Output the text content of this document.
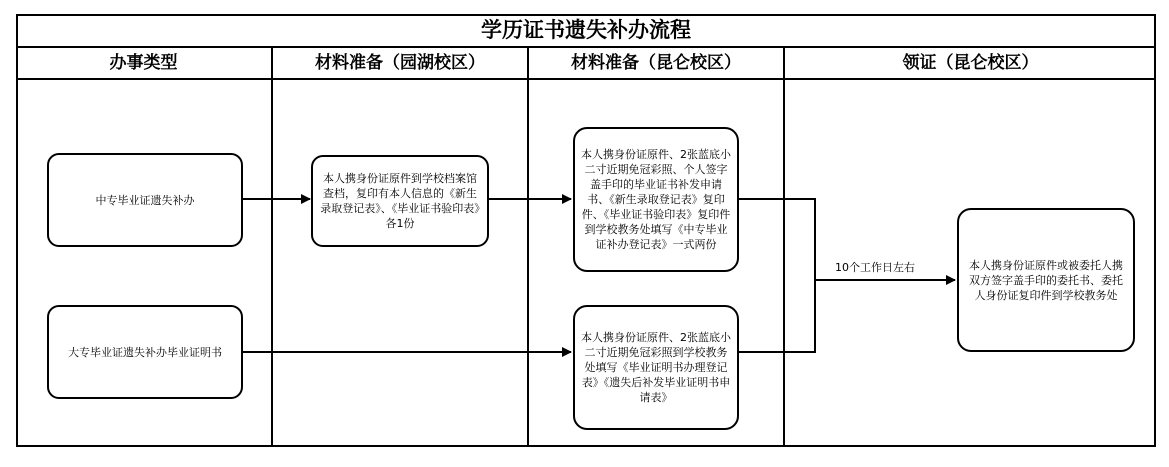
学历证书遗失补办流程
办事类型	材料准备（园湖校区）	材料准备（昆仑校区）	领证（昆仑校区）
中专毕业证遗失补办
大专毕业证遗失补办毕业证明书
本人携身份证原件到学校档案馆查档，复印有本人信息的《新生录取登记表》、《毕业证书验印表》各1份
本人携身份证原件、2张蓝底小二寸近期免冠彩照、个人签字盖手印的毕业证书补发申请书、《新生录取登记表》复印件、《毕业证书验印表》复印件到学校教务处填写《中专毕业证补办登记表》一式两份
本人携身份证原件、2张蓝底小二寸近期免冠彩照到学校教务处填写《毕业证明书办理登记表》《遗失后补发毕业证明书申请表》
本人携身份证原件或被委托人携双方签字盖手印的委托书、委托人身份证复印件到学校教务处
10个工作日左右
